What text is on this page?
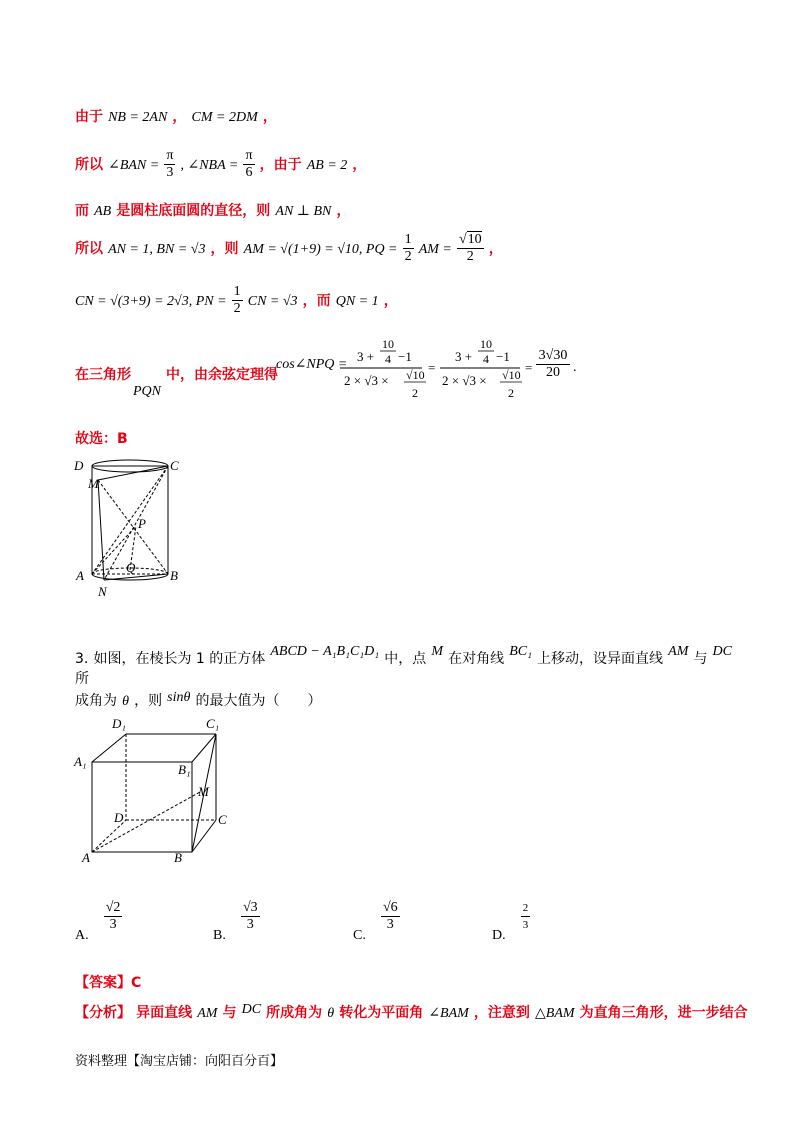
由于 NB = 2AN ， CM = 2DM ，
所以 ∠BAN = $\frac{\pi}{3}$ , ∠NBA = $\frac{\pi}{6}$ ，由于 AB = 2 ，
而 AB 是圆柱底面圆的直径，则 AN ⊥ BN ，
所以 AN = 1, BN = √3 ，则 AM = √(1+9) = √10, PQ = $\frac{1}{2}$ AM = $\frac{√10}{2}$ ，
CN = √(3+9) = 2√3, PN = $\frac{1}{2}$ CN = √3 ，而 QN = 1 ，
在三角形
PQN
中，由余弦定理得
cos∠NPQ =
3 +
10
4 −1
2 × √3 × √10
2
=
3 +
10
4 −1
2 × √3 × √10
2
=
3√30
20 .
故选：B
D	C
M
P
A	B
Q
N
3. 如图，在棱长为 1 的正方体 ABCD − A₁B₁C₁D₁ 中，点 M 在对角线 BC₁ 上移动，设异面直线 AM 与 DC 所
成角为 θ ，则 sinθ 的最大值为（　　）
D₁	C₁
A₁
B₁
M
D	C
A	B
A.
$\frac{√2}{3}$
B.
$\frac{√3}{3}$
C.
$\frac{√6}{3}$
D.
$\frac{2}{3}$
【答案】C
【分析】 异面直线 AM 与 DC 所成角为 θ 转化为平面角 ∠BAM ，注意到 △BAM 为直角三角形，进一步结合
资料整理【淘宝店铺：向阳百分百】
